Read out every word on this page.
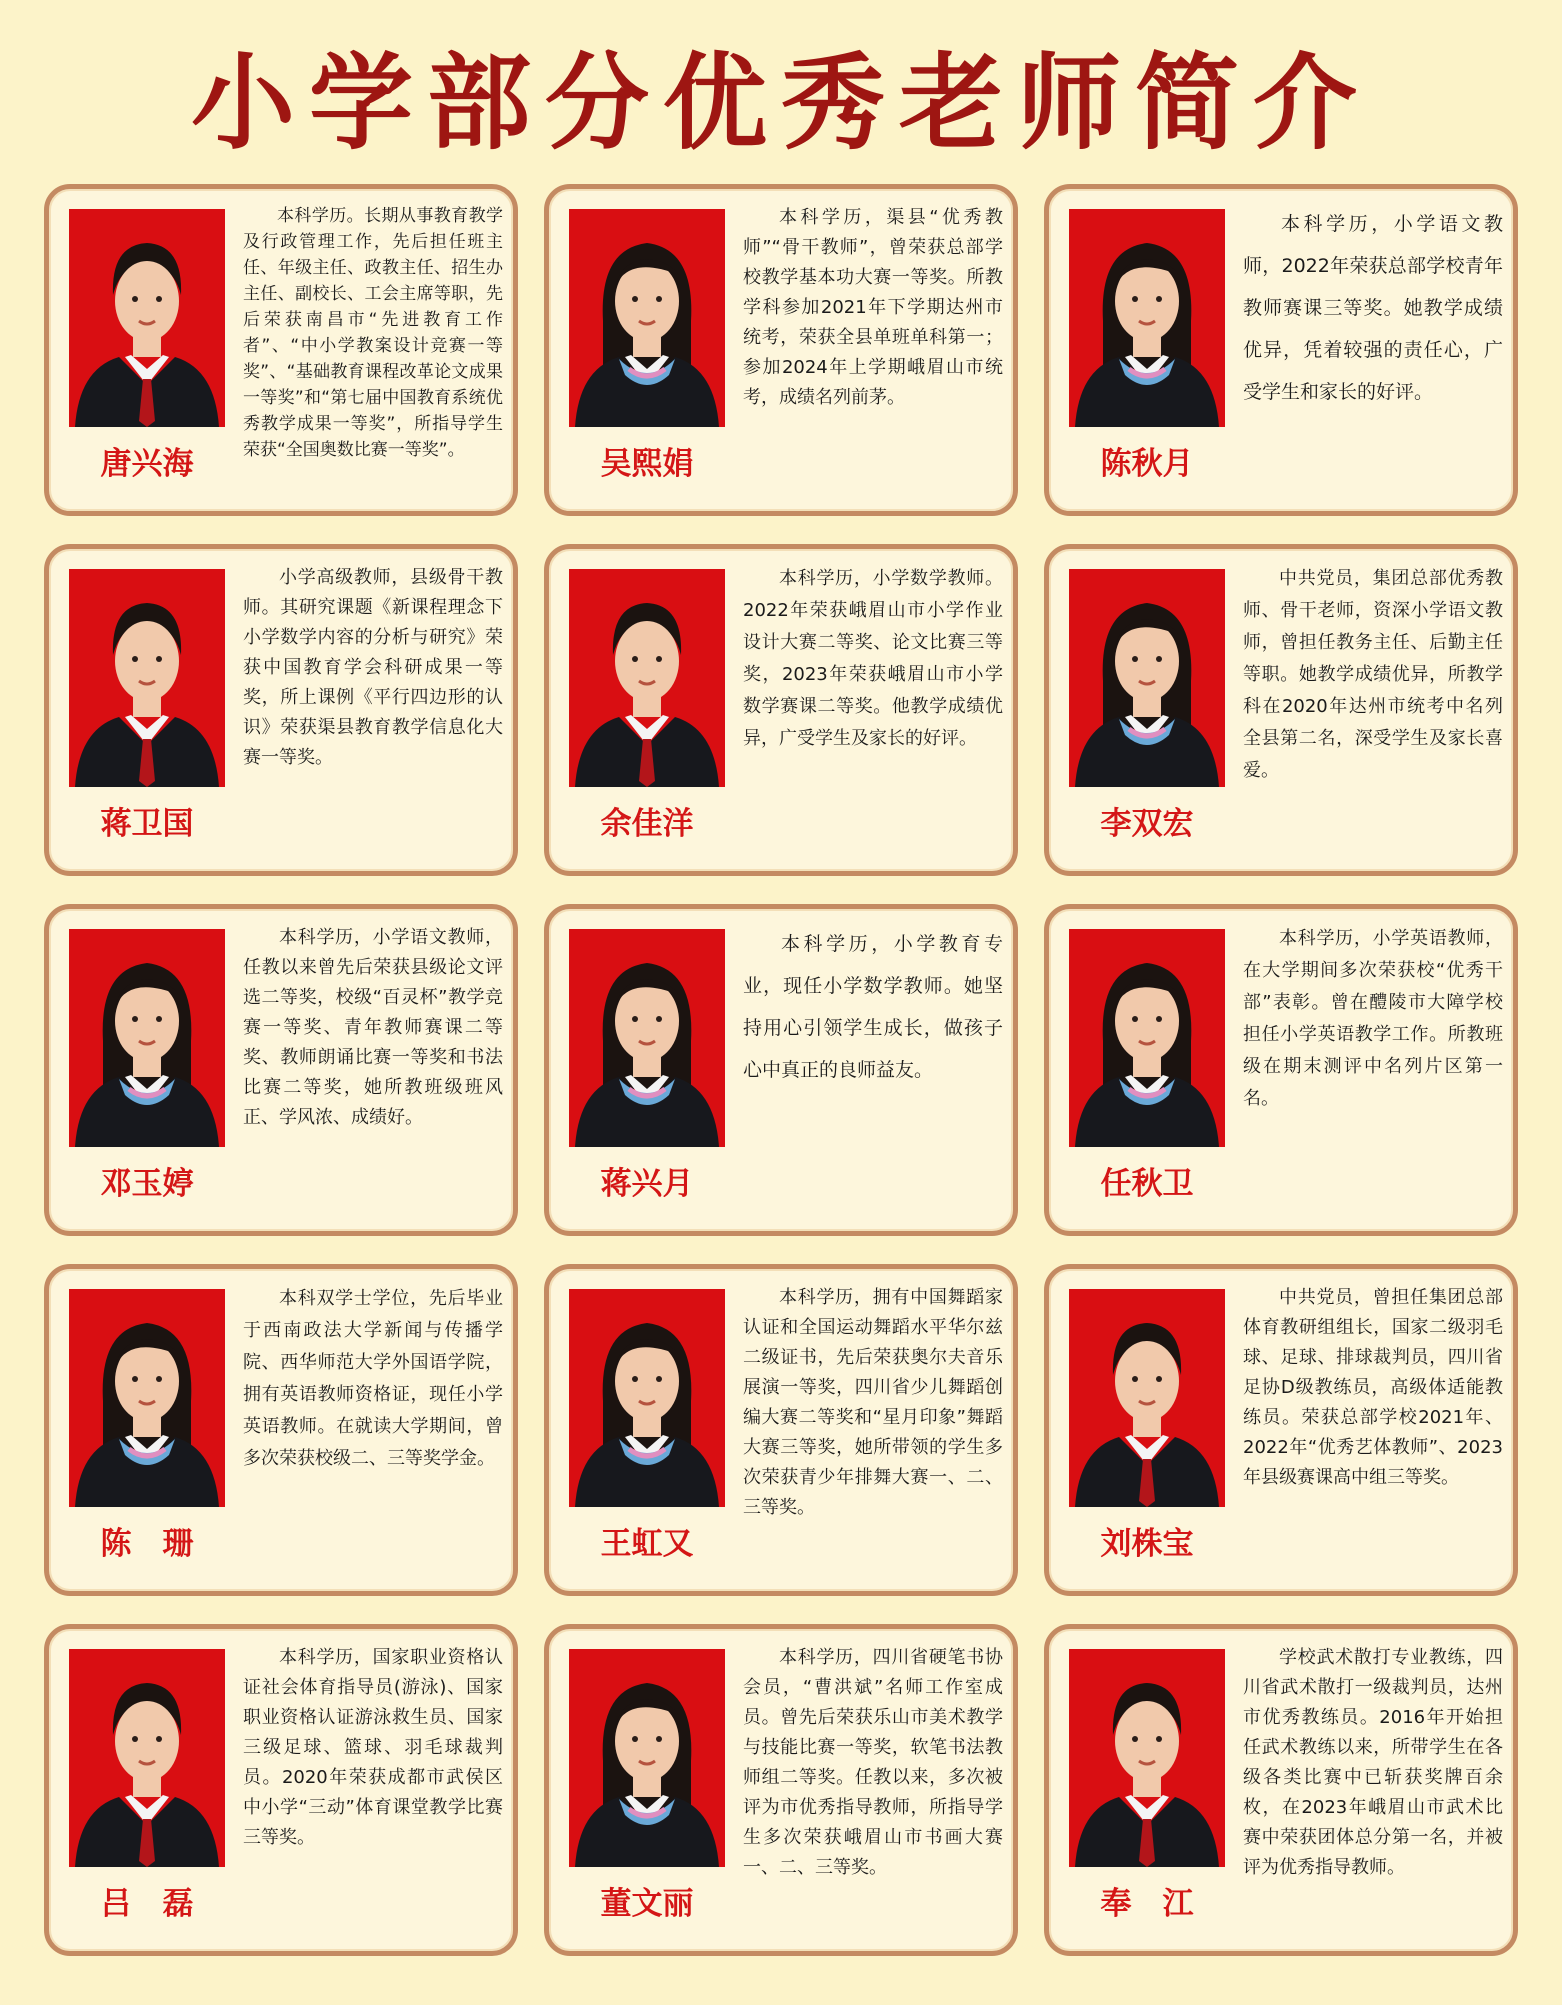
小学部分优秀老师简介
唐兴海
本科学历。长期从事教育教学及行政管理工作，先后担任班主任、年级主任、政教主任、招生办主任、副校长、工会主席等职，先后荣获南昌市“先进教育工作者”、“中小学教案设计竞赛一等奖”、“基础教育课程改革论文成果一等奖”和“第七届中国教育系统优秀教学成果一等奖”，所指导学生荣获“全国奥数比赛一等奖”。	吴熙娟
本科学历，渠县“优秀教师”“骨干教师”，曾荣获总部学校教学基本功大赛一等奖。所教学科参加2021年下学期达州市统考，荣获全县单班单科第一；参加2024年上学期峨眉山市统考，成绩名列前茅。
陈秋月
本科学历，小学语文教师，2022年荣获总部学校青年教师赛课三等奖。她教学成绩优异，凭着较强的责任心，广受学生和家长的好评。
蒋卫国
小学高级教师，县级骨干教师。其研究课题《新课程理念下小学数学内容的分析与研究》荣获中国教育学会科研成果一等奖，所上课例《平行四边形的认识》荣获渠县教育教学信息化大赛一等奖。
余佳洋
本科学历，小学数学教师。2022年荣获峨眉山市小学作业设计大赛二等奖、论文比赛三等奖，2023年荣获峨眉山市小学数学赛课二等奖。他教学成绩优异，广受学生及家长的好评。
李双宏
中共党员，集团总部优秀教师、骨干老师，资深小学语文教师，曾担任教务主任、后勤主任等职。她教学成绩优异，所教学科在2020年达州市统考中名列全县第二名，深受学生及家长喜爱。
邓玉婷
本科学历，小学语文教师，任教以来曾先后荣获县级论文评选二等奖，校级“百灵杯”教学竞赛一等奖、青年教师赛课二等奖、教师朗诵比赛一等奖和书法比赛二等奖，她所教班级班风正、学风浓、成绩好。
蒋兴月
本科学历，小学教育专业，现任小学数学教师。她坚持用心引领学生成长，做孩子心中真正的良师益友。
任秋卫
本科学历，小学英语教师，在大学期间多次荣获校“优秀干部”表彰。曾在醴陵市大障学校担任小学英语教学工作。所教班级在期末测评中名列片区第一名。
陈　珊
本科双学士学位，先后毕业于西南政法大学新闻与传播学院、西华师范大学外国语学院，拥有英语教师资格证，现任小学英语教师。在就读大学期间，曾多次荣获校级二、三等奖学金。
王虹又
本科学历，拥有中国舞蹈家认证和全国运动舞蹈水平华尔兹二级证书，先后荣获奥尔夫音乐展演一等奖，四川省少儿舞蹈创编大赛二等奖和“星月印象”舞蹈大赛三等奖，她所带领的学生多次荣获青少年排舞大赛一、二、三等奖。
刘株宝
中共党员，曾担任集团总部体育教研组组长，国家二级羽毛球、足球、排球裁判员，四川省足协D级教练员，高级体适能教练员。荣获总部学校2021年、2022年“优秀艺体教师”、2023年县级赛课高中组三等奖。
吕　磊
本科学历，国家职业资格认证社会体育指导员(游泳)、国家职业资格认证游泳救生员、国家三级足球、篮球、羽毛球裁判员。2020年荣获成都市武侯区中小学“三动”体育课堂教学比赛三等奖。
董文丽
本科学历，四川省硬笔书协会员，“曹洪斌”名师工作室成员。曾先后荣获乐山市美术教学与技能比赛一等奖，软笔书法教师组二等奖。任教以来，多次被评为市优秀指导教师，所指导学生多次荣获峨眉山市书画大赛一、二、三等奖。
奉　江
学校武术散打专业教练，四川省武术散打一级裁判员，达州市优秀教练员。2016年开始担任武术教练以来，所带学生在各级各类比赛中已斩获奖牌百余枚，在2023年峨眉山市武术比赛中荣获团体总分第一名，并被评为优秀指导教师。
